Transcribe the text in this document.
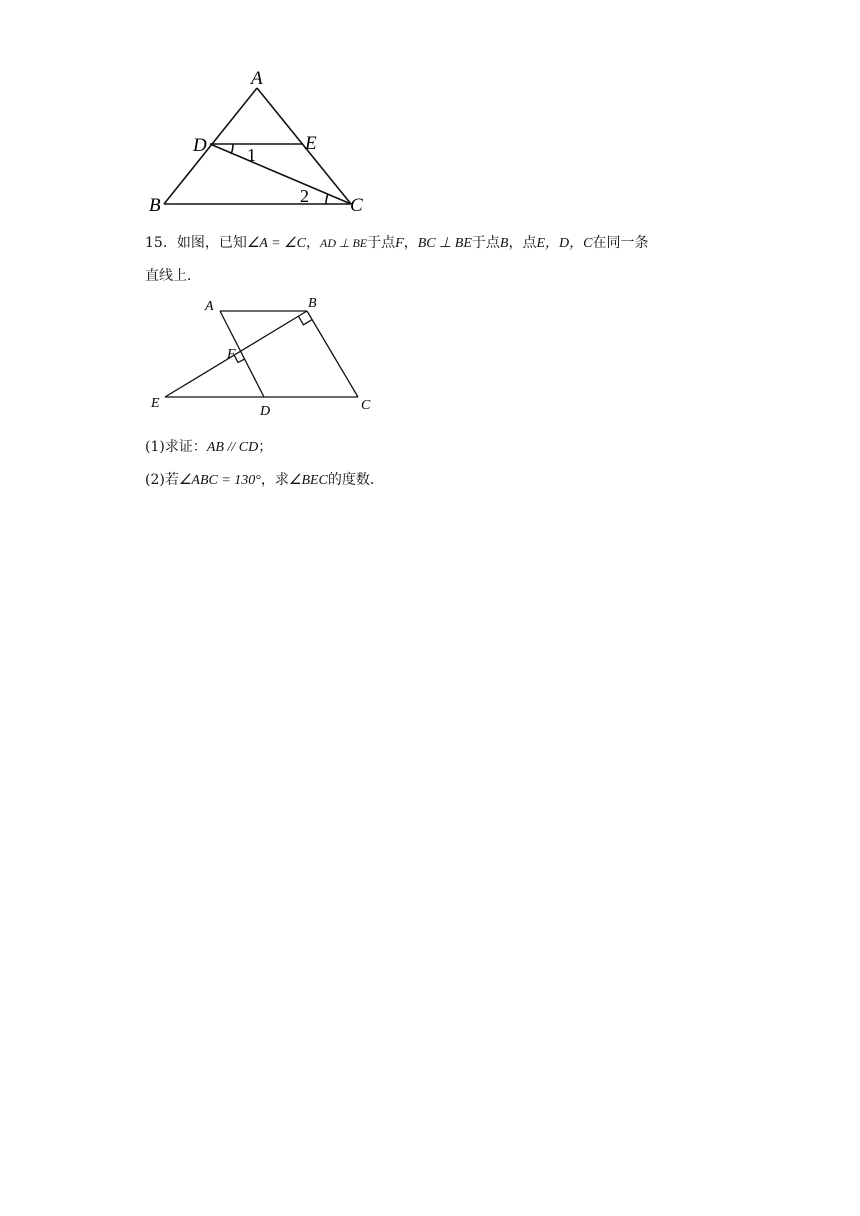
A
B	C
D	E
1
2
15．如图，已知∠A = ∠C，AD ⊥ BE于点F，BC ⊥ BE于点B，点E，D，C在同一条
直线上．
A	B
C
D
E
F
(1)求证：AB // CD；
(2)若∠ABC = 130°，求∠BEC的度数．
